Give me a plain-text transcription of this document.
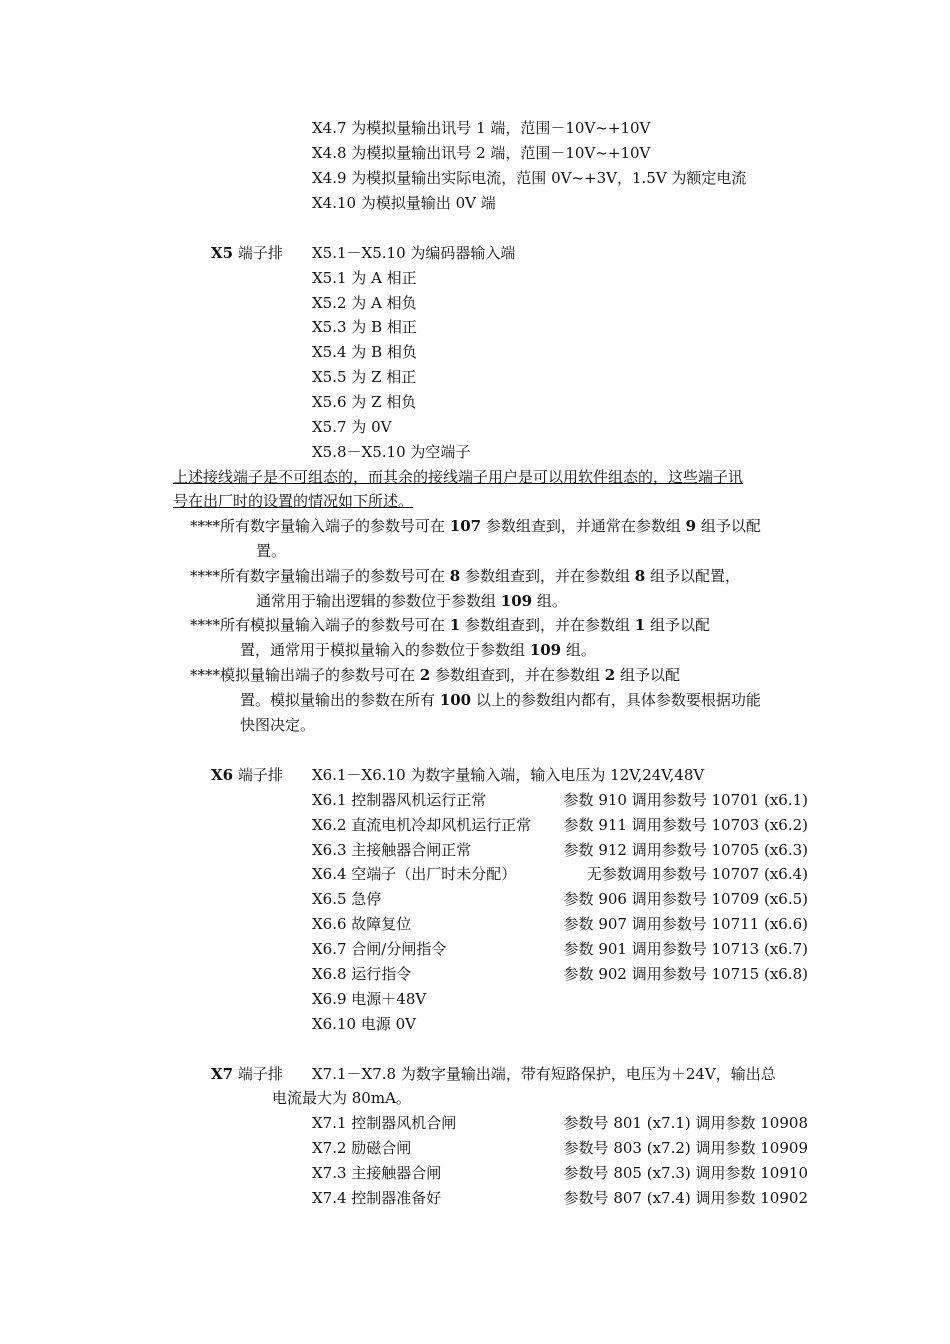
X4.7 为模拟量输出讯号 1 端，范围－10V~+10V
X4.8 为模拟量输出讯号 2 端，范围－10V~+10V
X4.9 为模拟量输出实际电流，范围 0V~+3V，1.5V 为额定电流
X4.10 为模拟量输出 0V 端
X5 端子排 X5.1－X5.10 为编码器输入端
X5.1 为 A 相正
X5.2 为 A 相负
X5.3 为 B 相正
X5.4 为 B 相负
X5.5 为 Z 相正
X5.6 为 Z 相负
X5.7 为 0V
X5.8－X5.10 为空端子
上述接线端子是不可组态的，而其余的接线端子用户是可以用软件组态的，这些端子讯
号在出厂时的设置的情况如下所述。
****所有数字量输入端子的参数号可在 107 参数组查到，并通常在参数组 9 组予以配
置。
****所有数字量输出端子的参数号可在 8 参数组查到，并在参数组 8 组予以配置，
通常用于输出逻辑的参数位于参数组 109 组。
****所有模拟量输入端子的参数号可在 1 参数组查到，并在参数组 1 组予以配
置，通常用于模拟量输入的参数位于参数组 109 组。
****模拟量输出端子的参数号可在 2 参数组查到，并在参数组 2 组予以配
置。模拟量输出的参数在所有 100 以上的参数组内都有，具体参数要根据功能
快图决定。
X6 端子排 X6.1－X6.10 为数字量输入端，输入电压为 12V,24V,48V
X6.1 控制器风机运行正常	参数 910 调用参数号 10701 (x6.1)
X6.2 直流电机冷却风机运行正常	参数 911 调用参数号 10703 (x6.2)
X6.3 主接触器合闸正常	参数 912 调用参数号 10705 (x6.3)
X6.4 空端子（出厂时未分配）	无参数调用参数号 10707 (x6.4)
X6.5 急停	参数 906 调用参数号 10709 (x6.5)
X6.6 故障复位	参数 907 调用参数号 10711 (x6.6)
X6.7 合闸/分闸指令	参数 901 调用参数号 10713 (x6.7)
X6.8 运行指令	参数 902 调用参数号 10715 (x6.8)
X6.9 电源＋48V
X6.10 电源 0V
X7 端子排 X7.1－X7.8 为数字量输出端，带有短路保护，电压为＋24V，输出总
电流最大为 80mA。
X7.1 控制器风机合闸	参数号 801 (x7.1) 调用参数 10908
X7.2 励磁合闸	参数号 803 (x7.2) 调用参数 10909
X7.3 主接触器合闸	参数号 805 (x7.3) 调用参数 10910
X7.4 控制器准备好	参数号 807 (x7.4) 调用参数 10902
